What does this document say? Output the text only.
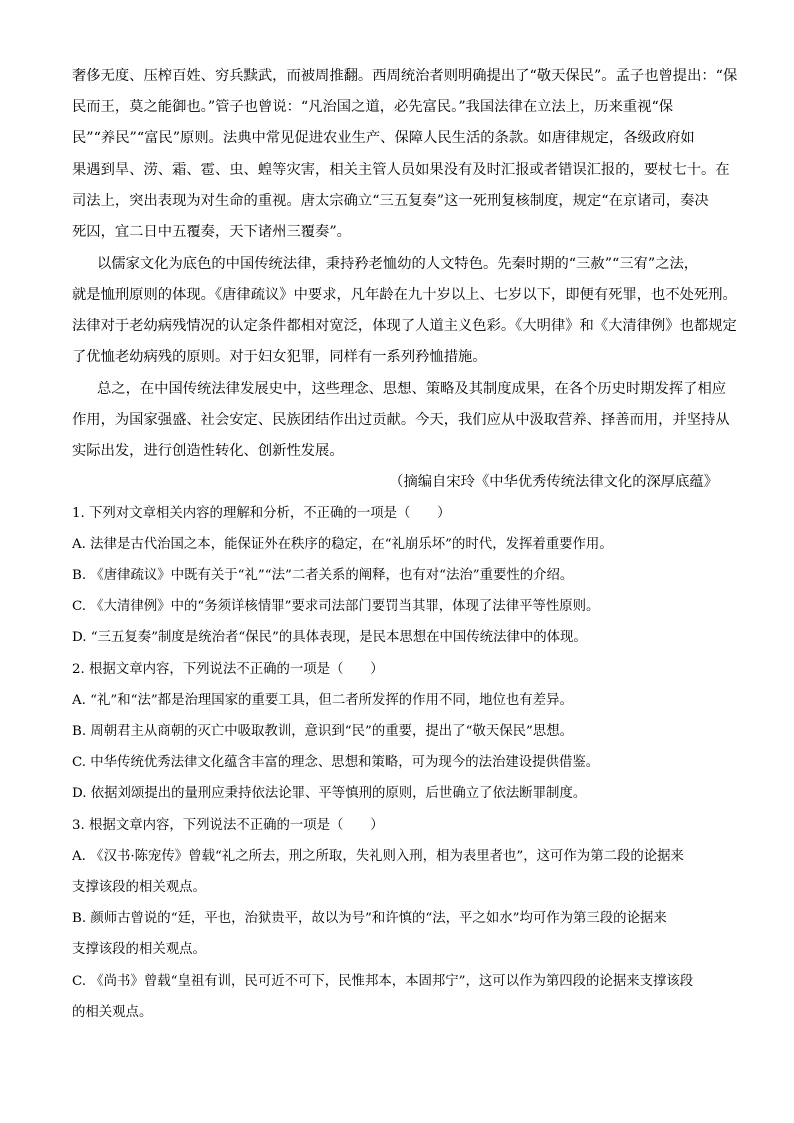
奢侈无度、压榨百姓、穷兵黩武，而被周推翻。西周统治者则明确提出了“敬天保民”。孟子也曾提出：“保
民而王，莫之能御也。”管子也曾说：“凡治国之道，必先富民。”我国法律在立法上，历来重视“保
民”“养民”“富民”原则。法典中常见促进农业生产、保障人民生活的条款。如唐律规定，各级政府如
果遇到旱、涝、霜、雹、虫、蝗等灾害，相关主管人员如果没有及时汇报或者错误汇报的，要杖七十。在
司法上，突出表现为对生命的重视。唐太宗确立“三五复奏”这一死刑复核制度，规定“在京诸司，奏决
死囚，宜二日中五覆奏，天下诸州三覆奏”。
以儒家文化为底色的中国传统法律，秉持矜老恤幼的人文特色。先秦时期的“三赦”“三宥”之法，
就是恤刑原则的体现。《唐律疏议》中要求，凡年龄在九十岁以上、七岁以下，即便有死罪，也不处死刑。
法律对于老幼病残情况的认定条件都相对宽泛，体现了人道主义色彩。《大明律》和《大清律例》也都规定
了优恤老幼病残的原则。对于妇女犯罪，同样有一系列矜恤措施。
总之，在中国传统法律发展史中，这些理念、思想、策略及其制度成果，在各个历史时期发挥了相应
作用，为国家强盛、社会安定、民族团结作出过贡献。今天，我们应从中汲取营养、择善而用，并坚持从
实际出发，进行创造性转化、创新性发展。
（摘编自宋玲《中华优秀传统法律文化的深厚底蕴》
1. 下列对文章相关内容的理解和分析，不正确的一项是（　　）
A. 法律是古代治国之本，能保证外在秩序的稳定，在“礼崩乐坏”的时代，发挥着重要作用。
B. 《唐律疏议》中既有关于“礼”“法”二者关系的阐释，也有对“法治”重要性的介绍。
C. 《大清律例》中的“务须详核情罪”要求司法部门要罚当其罪，体现了法律平等性原则。
D. “三五复奏”制度是统治者“保民”的具体表现，是民本思想在中国传统法律中的体现。
2. 根据文章内容，下列说法不正确的一项是（　　）
A. “礼”和“法”都是治理国家的重要工具，但二者所发挥的作用不同，地位也有差异。
B. 周朝君主从商朝的灭亡中吸取教训，意识到“民”的重要，提出了“敬天保民”思想。
C. 中华传统优秀法律文化蕴含丰富的理念、思想和策略，可为现今的法治建设提供借鉴。
D. 依据刘颂提出的量刑应秉持依法论罪、平等慎刑的原则，后世确立了依法断罪制度。
3. 根据文章内容，下列说法不正确的一项是（　　）
A. 《汉书·陈宠传》曾载“礼之所去，刑之所取，失礼则入刑，相为表里者也”，这可作为第二段的论据来
支撑该段的相关观点。
B. 颜师古曾说的“廷，平也，治狱贵平，故以为号”和许慎的“法，平之如水”均可作为第三段的论据来
支撑该段的相关观点。
C. 《尚书》曾载“皇祖有训，民可近不可下，民惟邦本，本固邦宁”，这可以作为第四段的论据来支撑该段
的相关观点。
